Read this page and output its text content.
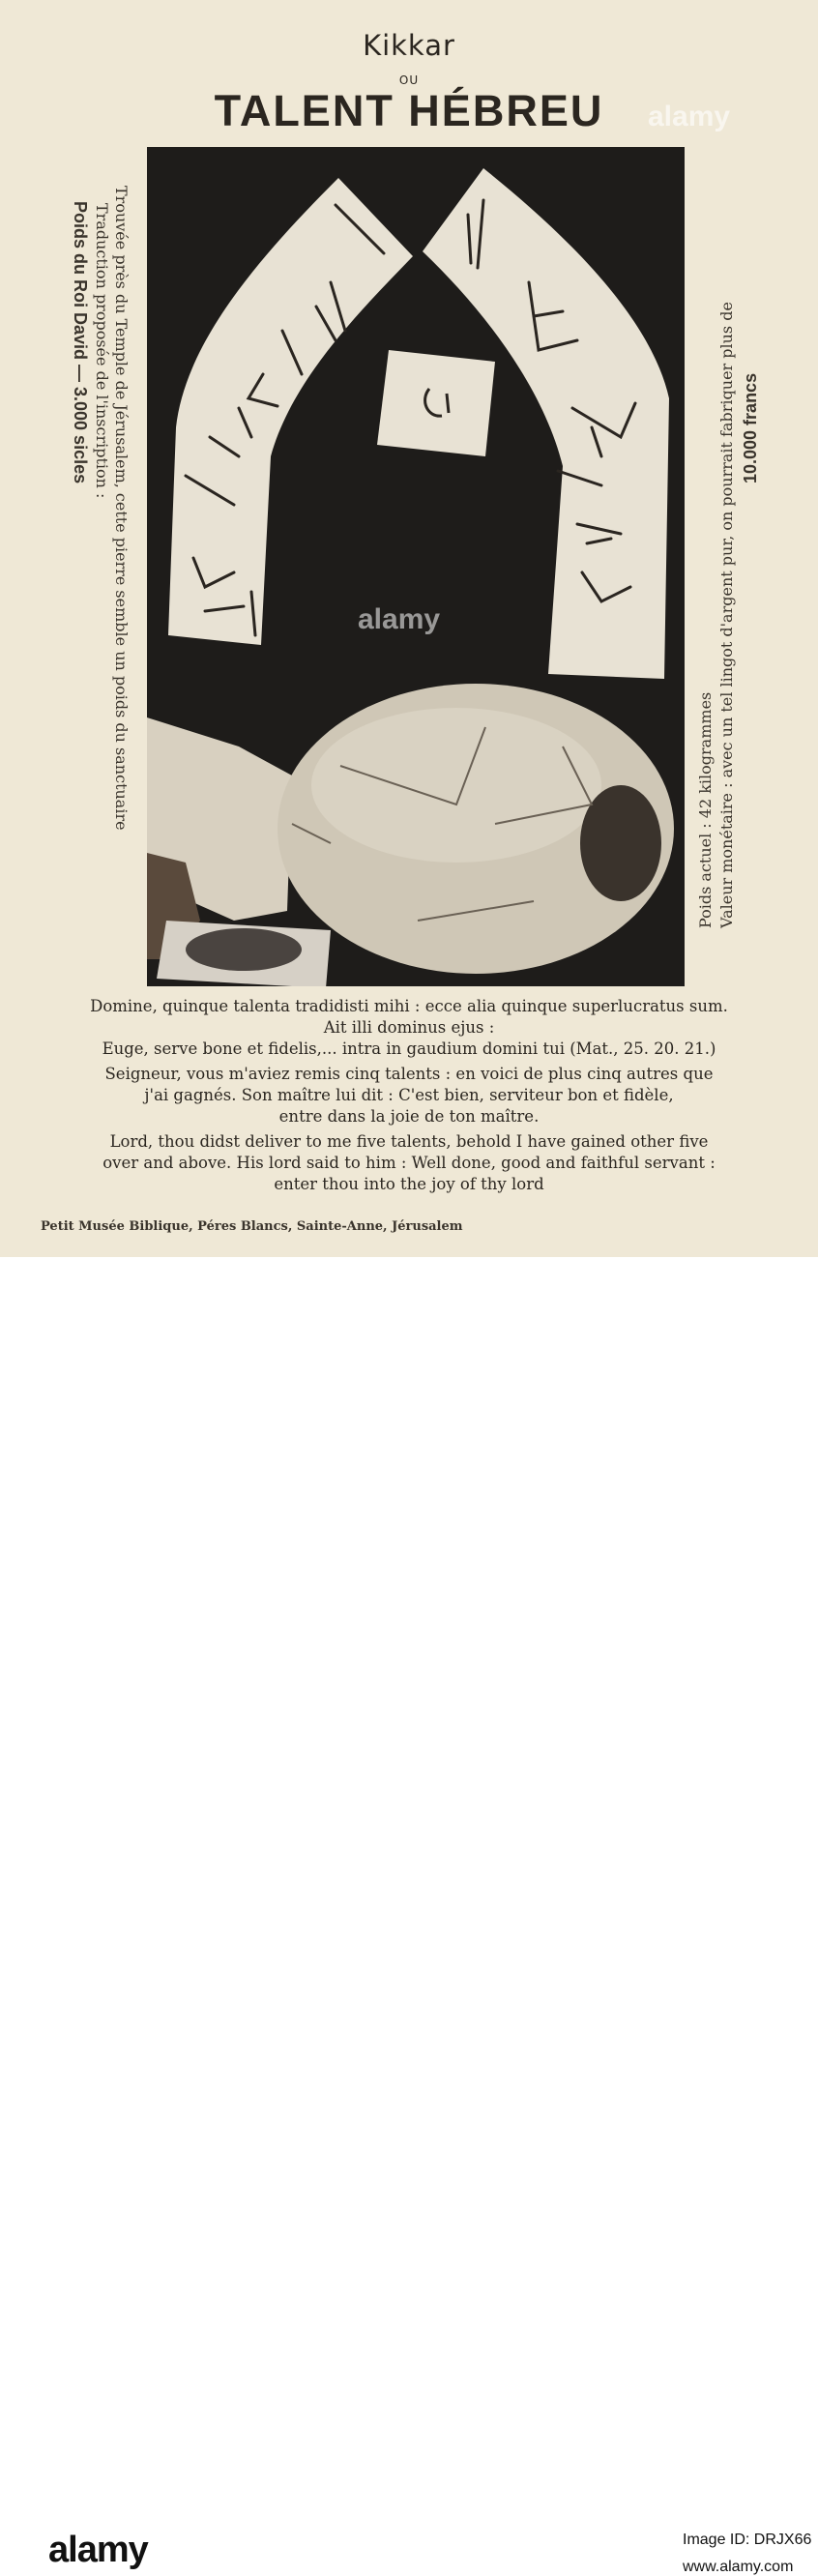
Kikkar
OU
TALENT HÉBREU
alamy
alamy
Trouvée près du Temple de Jérusalem, cette pierre semble un poids du sanctuaire
Traduction proposée de l'inscription :
Poids du Roi David — 3.000 sicles
Poids actuel : 42 kilogrammes Valeur monétaire : avec un tel lingot d'argent pur, on pourrait fabriquer plus de 10.000 francs
Domine, quinque talenta tradidisti mihi : ecce alia quinque superlucratus sum.
Ait illi dominus ejus :
Euge, serve bone et fidelis,... intra in gaudium domini tui (Mat., 25. 20. 21.)
Seigneur, vous m'aviez remis cinq talents : en voici de plus cinq autres que
j'ai gagnés. Son maître lui dit : C'est bien, serviteur bon et fidèle,
entre dans la joie de ton maître.
Lord, thou didst deliver to me five talents, behold I have gained other five
over and above. His lord said to him : Well done, good and faithful servant :
enter thou into the joy of thy lord
Petit Musée Biblique, Péres Blancs, Sainte-Anne, Jérusalem
alamy	Image ID: DRJX66
www.alamy.com
